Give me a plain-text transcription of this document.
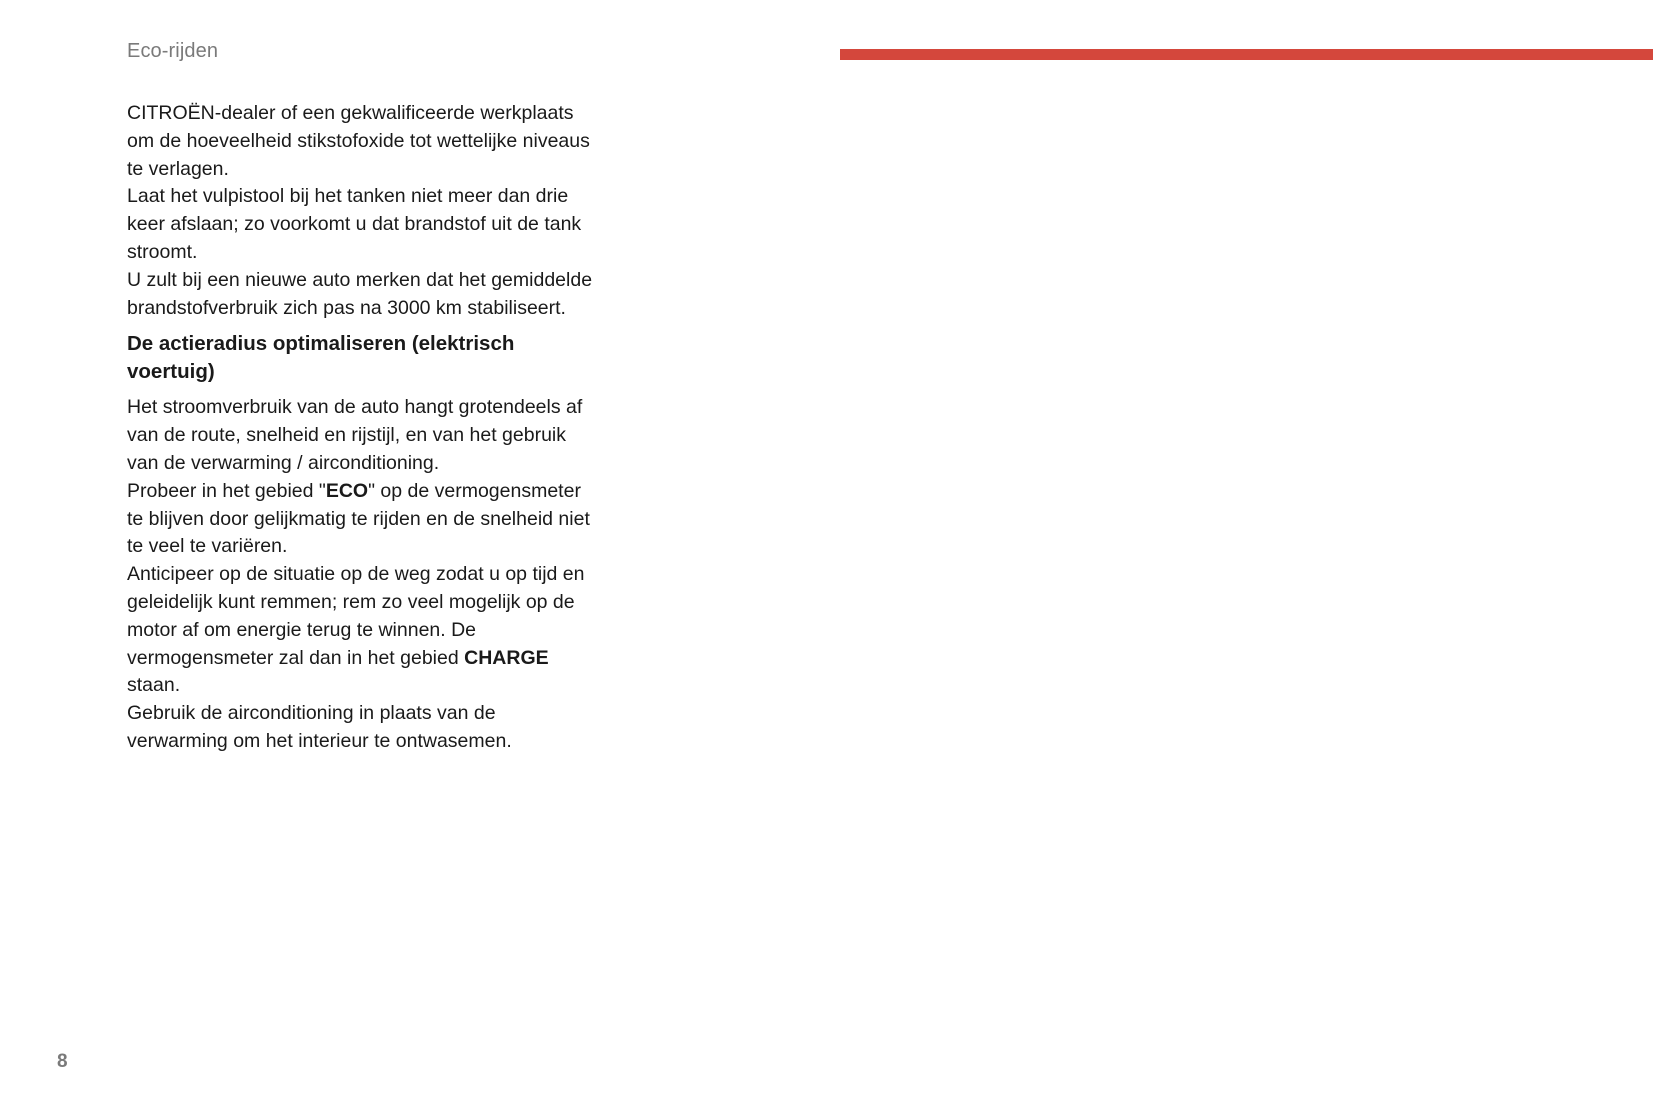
Eco-rijden

CITROËN-dealer of een gekwalificeerde werkplaats om de hoeveelheid stikstofoxide tot wettelijke niveaus te verlagen.

Laat het vulpistool bij het tanken niet meer dan drie keer afslaan; zo voorkomt u dat brandstof uit de tank stroomt.

U zult bij een nieuwe auto merken dat het gemiddelde brandstofverbruik zich pas na 3000 km stabiliseert.

De actieradius optimaliseren (elektrisch voertuig)

Het stroomverbruik van de auto hangt grotendeels af van de route, snelheid en rijstijl, en van het gebruik van de verwarming / airconditioning.

Probeer in het gebied "ECO" op de vermogensmeter te blijven door gelijkmatig te rijden en de snelheid niet te veel te variëren.

Anticipeer op de situatie op de weg zodat u op tijd en geleidelijk kunt remmen; rem zo veel mogelijk op de motor af om energie terug te winnen. De vermogensmeter zal dan in het gebied CHARGE staan.

Gebruik de airconditioning in plaats van de verwarming om het interieur te ontwasemen.

8
